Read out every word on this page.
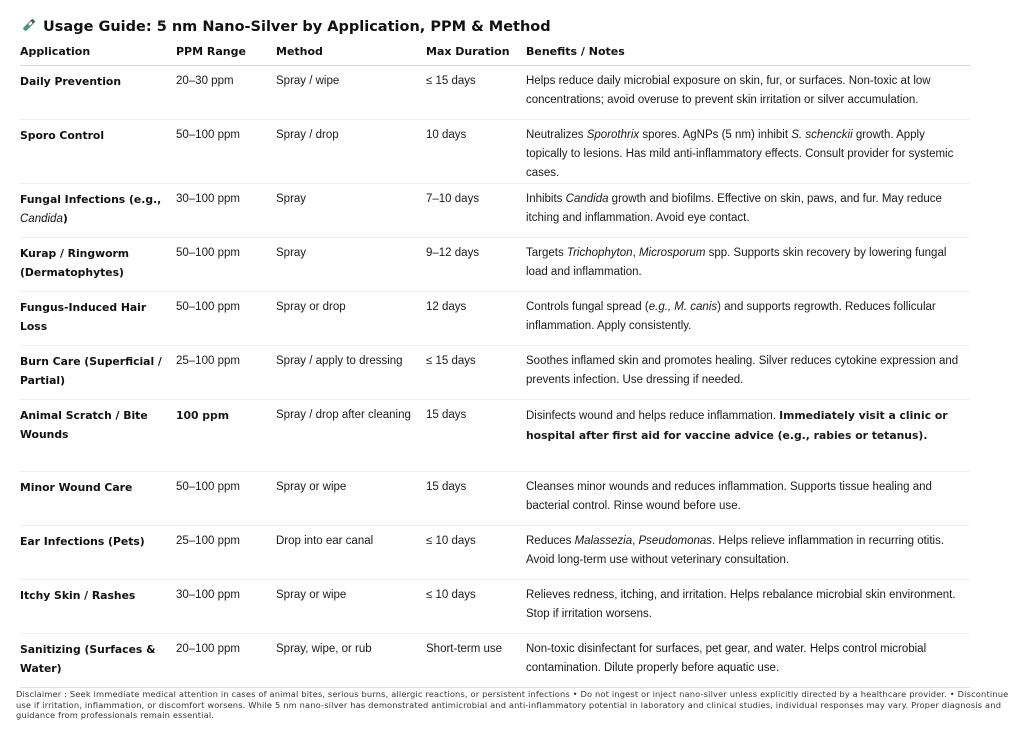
Usage Guide: 5 nm Nano-Silver by Application, PPM & Method
Application	PPM Range	Method	Max Duration	Benefits / Notes
Daily Prevention	20–30 ppm	Spray / wipe	≤ 15 days	Helps reduce daily microbial exposure on skin, fur, or surfaces. Non-toxic at low concentrations; avoid overuse to prevent skin irritation or silver accumulation.
Sporo Control	50–100 ppm	Spray / drop	10 days	Neutralizes Sporothrix spores. AgNPs (5 nm) inhibit S. schenckii growth. Apply topically to lesions. Has mild anti-inflammatory effects. Consult provider for systemic cases.
Fungal Infections (e.g., Candida)	30–100 ppm	Spray	7–10 days	Inhibits Candida growth and biofilms. Effective on skin, paws, and fur. May reduce itching and inflammation. Avoid eye contact.
Kurap / Ringworm (Dermatophytes)	50–100 ppm	Spray	9–12 days	Targets Trichophyton, Microsporum spp. Supports skin recovery by lowering fungal load and inflammation.
Fungus-Induced Hair Loss	50–100 ppm	Spray or drop	12 days	Controls fungal spread (e.g., M. canis) and supports regrowth. Reduces follicular inflammation. Apply consistently.
Burn Care (Superficial / Partial)	25–100 ppm	Spray / apply to dressing	≤ 15 days	Soothes inflamed skin and promotes healing. Silver reduces cytokine expression and prevents infection. Use dressing if needed.
Animal Scratch / Bite Wounds	100 ppm	Spray / drop after cleaning	15 days	Disinfects wound and helps reduce inflammation. Immediately visit a clinic or hospital after first aid for vaccine advice (e.g., rabies or tetanus).
Minor Wound Care	50–100 ppm	Spray or wipe	15 days	Cleanses minor wounds and reduces inflammation. Supports tissue healing and bacterial control. Rinse wound before use.
Ear Infections (Pets)	25–100 ppm	Drop into ear canal	≤ 10 days	Reduces Malassezia, Pseudomonas. Helps relieve inflammation in recurring otitis. Avoid long-term use without veterinary consultation.
Itchy Skin / Rashes	30–100 ppm	Spray or wipe	≤ 10 days	Relieves redness, itching, and irritation. Helps rebalance microbial skin environment. Stop if irritation worsens.
Sanitizing (Surfaces & Water)	20–100 ppm	Spray, wipe, or rub	Short-term use	Non-toxic disinfectant for surfaces, pet gear, and water. Helps control microbial contamination. Dilute properly before aquatic use.
Disclaimer : Seek immediate medical attention in cases of animal bites, serious burns, allergic reactions, or persistent infections • Do not ingest or inject nano-silver unless explicitly directed by a healthcare provider. • Discontinue use if irritation, inflammation, or discomfort worsens. While 5 nm nano-silver has demonstrated antimicrobial and anti-inflammatory potential in laboratory and clinical studies, individual responses may vary. Proper diagnosis and guidance from professionals remain essential.
